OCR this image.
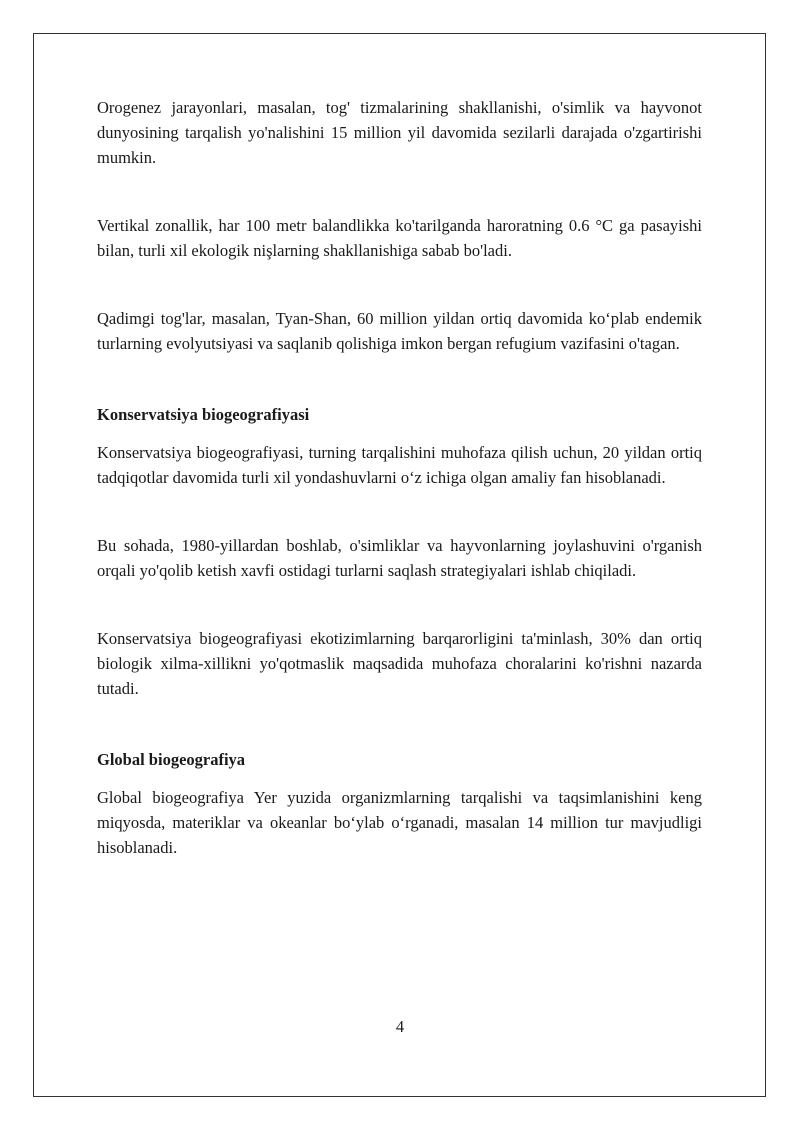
Orogenez jarayonlari, masalan, tog' tizmalarining shakllanishi, o'simlik va hayvonot dunyosining tarqalish yo'nalishini 15 million yil davomida sezilarli darajada o'zgartirishi mumkin.

Vertikal zonallik, har 100 metr balandlikka ko'tarilganda haroratning 0.6 °C ga pasayishi bilan, turli xil ekologik nişlarning shakllanishiga sabab bo'ladi.

Qadimgi tog'lar, masalan, Tyan-Shan, 60 million yildan ortiq davomida koʻplab endemik turlarning evolyutsiyasi va saqlanib qolishiga imkon bergan refugium vazifasini o'tagan.

Konservatsiya biogeografiyasi

Konservatsiya biogeografiyasi, turning tarqalishini muhofaza qilish uchun, 20 yildan ortiq tadqiqotlar davomida turli xil yondashuvlarni oʻz ichiga olgan amaliy fan hisoblanadi.

Bu sohada, 1980-yillardan boshlab, o'simliklar va hayvonlarning joylashuvini o'rganish orqali yo'qolib ketish xavfi ostidagi turlarni saqlash strategiyalari ishlab chiqiladi.

Konservatsiya biogeografiyasi ekotizimlarning barqarorligini ta'minlash, 30% dan ortiq biologik xilma-xillikni yo'qotmaslik maqsadida muhofaza choralarini ko'rishni nazarda tutadi.

Global biogeografiya

Global biogeografiya Yer yuzida organizmlarning tarqalishi va taqsimlanishini keng miqyosda, materiklar va okeanlar boʻylab oʻrganadi, masalan 14 million tur mavjudligi hisoblanadi.

4
